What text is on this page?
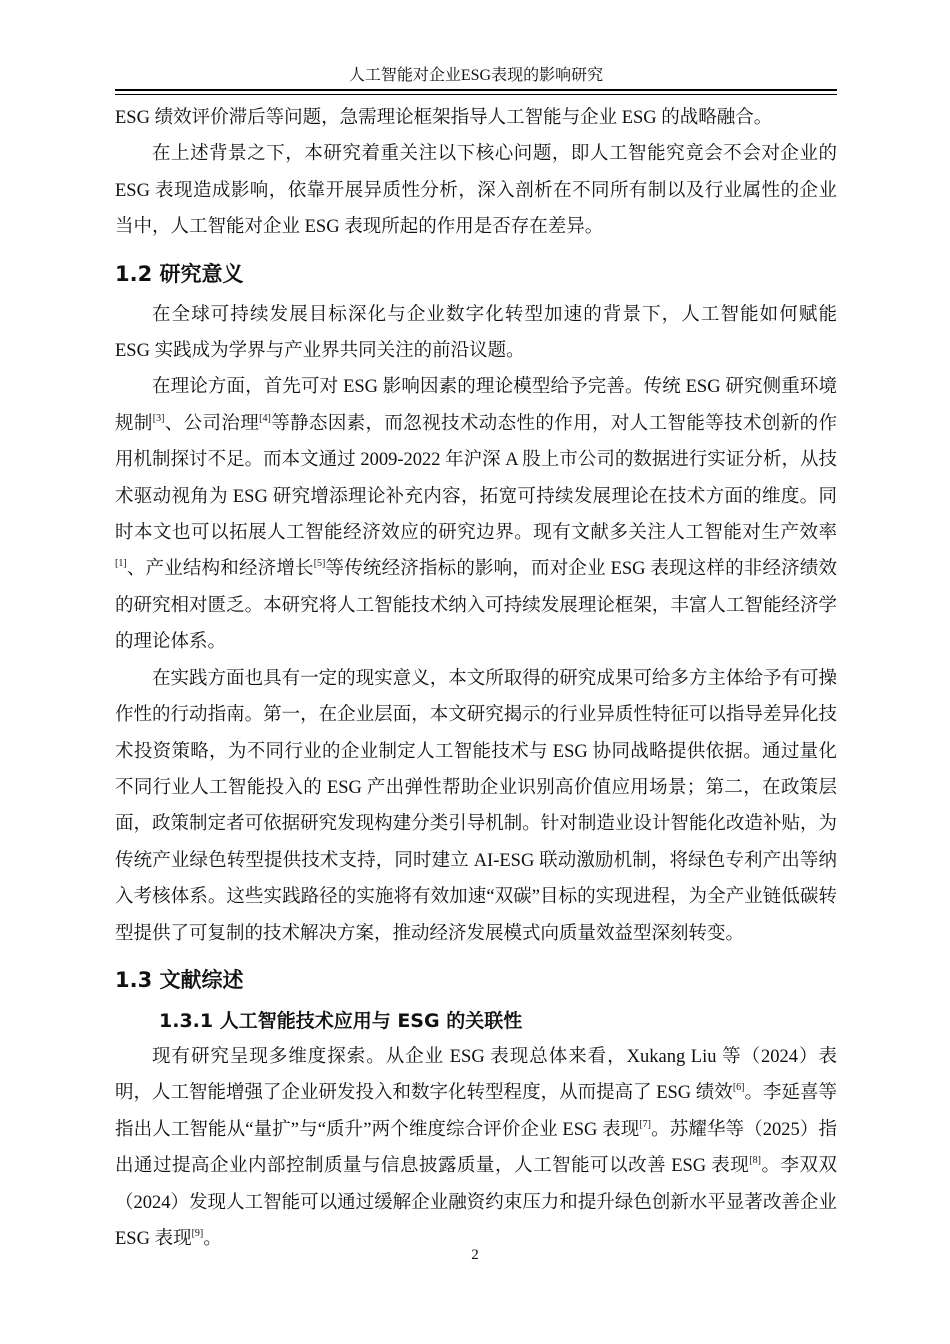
人工智能对企业ESG表现的影响研究

ESG 绩效评价滞后等问题，急需理论框架指导人工智能与企业 ESG 的战略融合。

在上述背景之下，本研究着重关注以下核心问题，即人工智能究竟会不会对企业的 ESG 表现造成影响，依靠开展异质性分析，深入剖析在不同所有制以及行业属性的企业当中，人工智能对企业 ESG 表现所起的作用是否存在差异。

1.2 研究意义

在全球可持续发展目标深化与企业数字化转型加速的背景下，人工智能如何赋能 ESG 实践成为学界与产业界共同关注的前沿议题。

在理论方面，首先可对 ESG 影响因素的理论模型给予完善。传统 ESG 研究侧重环境规制[3]、公司治理[4]等静态因素，而忽视技术动态性的作用，对人工智能等技术创新的作用机制探讨不足。而本文通过 2009-2022 年沪深 A 股上市公司的数据进行实证分析，从技术驱动视角为 ESG 研究增添理论补充内容，拓宽可持续发展理论在技术方面的维度。同时本文也可以拓展人工智能经济效应的研究边界。现有文献多关注人工智能对生产效率[1]、产业结构和经济增长[5]等传统经济指标的影响，而对企业 ESG 表现这样的非经济绩效的研究相对匮乏。本研究将人工智能技术纳入可持续发展理论框架，丰富人工智能经济学的理论体系。

在实践方面也具有一定的现实意义，本文所取得的研究成果可给多方主体给予有可操作性的行动指南。第一，在企业层面，本文研究揭示的行业异质性特征可以指导差异化技术投资策略，为不同行业的企业制定人工智能技术与 ESG 协同战略提供依据。通过量化不同行业人工智能投入的 ESG 产出弹性帮助企业识别高价值应用场景；第二，在政策层面，政策制定者可依据研究发现构建分类引导机制。针对制造业设计智能化改造补贴，为传统产业绿色转型提供技术支持，同时建立 AI-ESG 联动激励机制，将绿色专利产出等纳入考核体系。这些实践路径的实施将有效加速“双碳”目标的实现进程，为全产业链低碳转型提供了可复制的技术解决方案，推动经济发展模式向质量效益型深刻转变。

1.3 文献综述
1.3.1 人工智能技术应用与 ESG 的关联性

现有研究呈现多维度探索。从企业 ESG 表现总体来看，Xukang Liu 等（2024）表明，人工智能增强了企业研发投入和数字化转型程度，从而提高了 ESG 绩效[6]。李延喜等指出人工智能从“量扩”与“质升”两个维度综合评价企业 ESG 表现[7]。苏耀华等（2025）指出通过提高企业内部控制质量与信息披露质量，人工智能可以改善 ESG 表现[8]。李双双（2024）发现人工智能可以通过缓解企业融资约束压力和提升绿色创新水平显著改善企业 ESG 表现[9]。

2
